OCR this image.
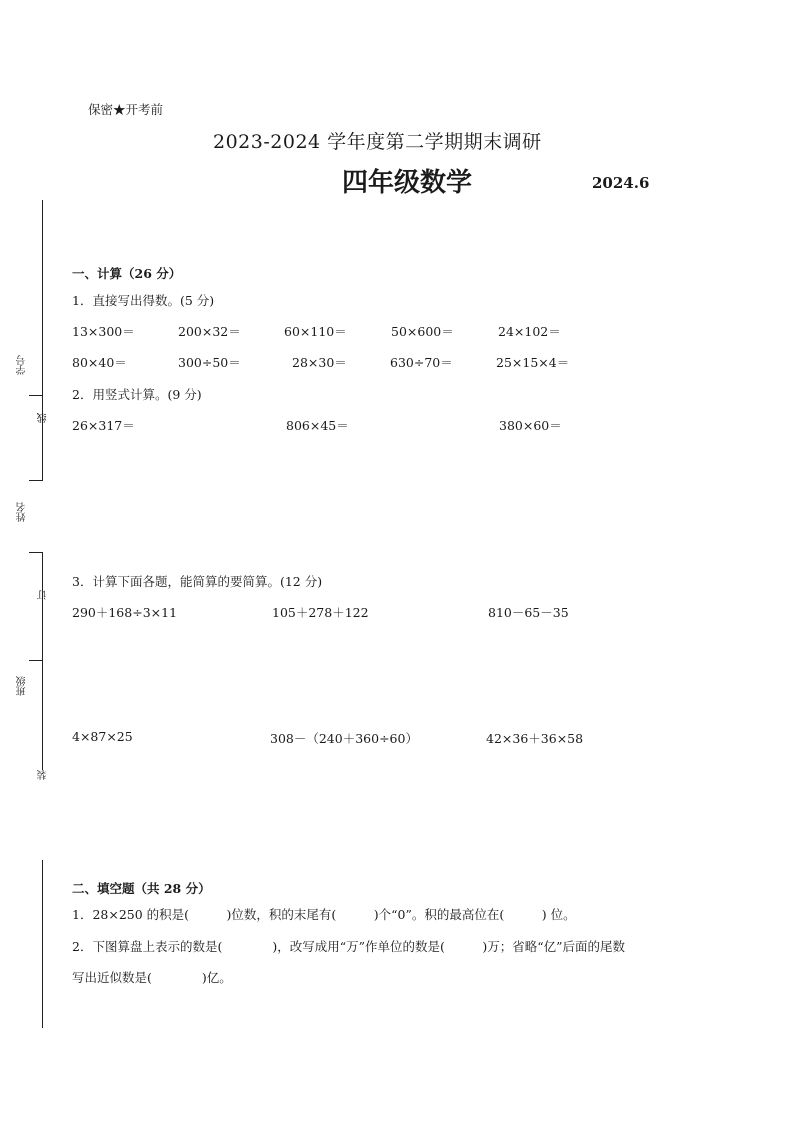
学号
姓名
班级
线
订
装
保密★开考前
2023-2024 学年度第二学期期末调研
四年级数学	2024.6
一、计算（26 分）
1．直接写出得数。(5 分)
13×300＝	200×32＝	60×110＝	50×600＝	24×102＝
80×40＝	300÷50＝	28×30＝	630÷70＝	25×15×4＝
2．用竖式计算。(9 分)
26×317＝	806×45＝	380×60＝
3．计算下面各题，能简算的要简算。(12 分)
290＋168÷3×11	105＋278＋122	810－65－35
4×87×25	308－（240＋360÷60）	42×36＋36×58
二、填空题（共 28 分）
1．28×250 的积是(　　　)位数，积的末尾有(　　　)个“0”。积的最高位在(　　　) 位。
2．下图算盘上表示的数是(　　　　)，改写成用“万”作单位的数是(　　　)万；省略“亿”后面的尾数
写出近似数是(　　　　)亿。
